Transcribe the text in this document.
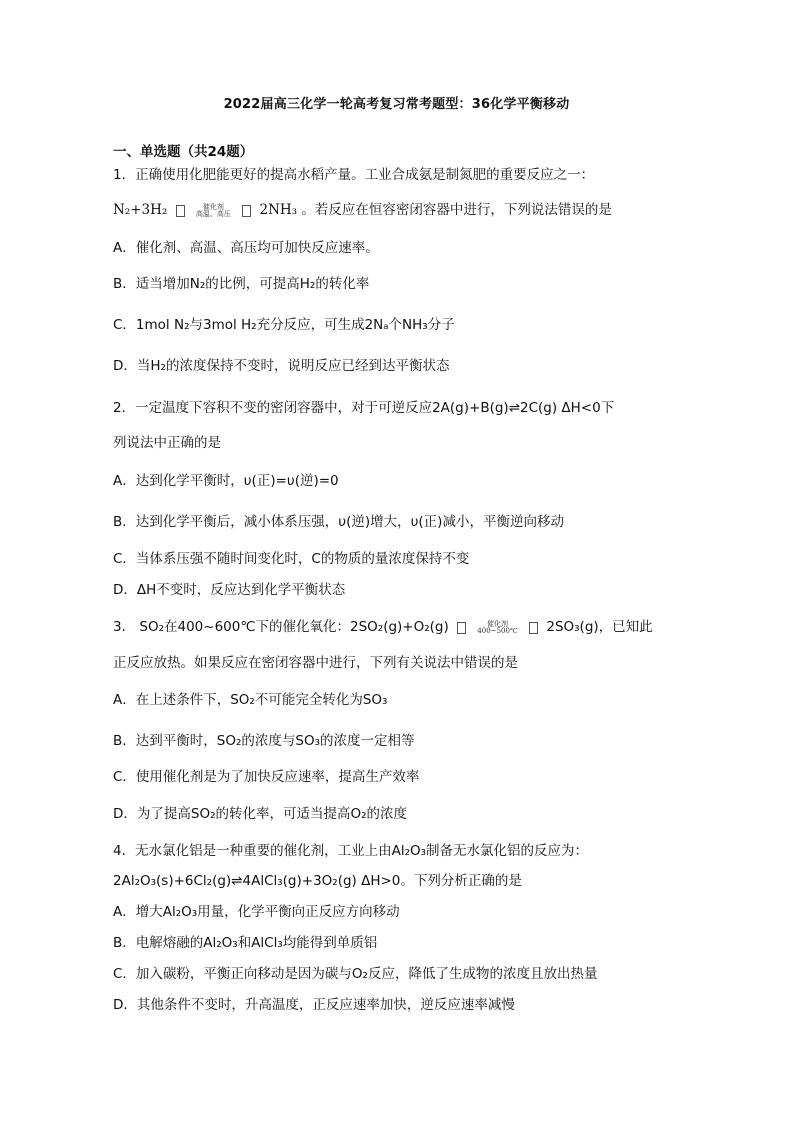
2022届高三化学一轮高考复习常考题型：36化学平衡移动
一、单选题（共24题）
1．正确使用化肥能更好的提高水稻产量。工业合成氨是制氮肥的重要反应之一：
N₂+3H₂	催化剂
高温、高压 2NH₃ 。若反应在恒容密闭容器中进行，下列说法错误的是
A．催化剂、高温、高压均可加快反应速率。
B．适当增加N₂的比例，可提高H₂的转化率
C．1mol N₂与3mol H₂充分反应，可生成2Nₐ个NH₃分子
D．当H₂的浓度保持不变时，说明反应已经到达平衡状态
2．一定温度下容积不变的密闭容器中，对于可逆反应2A(g)+B(g)⇌2C(g) ΔH<0下
列说法中正确的是
A．达到化学平衡时，υ(正)=υ(逆)=0
B．达到化学平衡后，减小体系压强，υ(逆)增大，υ(正)减小，平衡逆向移动
C．当体系压强不随时间变化时，C的物质的量浓度保持不变
D．ΔH不变时，反应达到化学平衡状态
3． SO₂在400~600℃下的催化氧化：2SO₂(g)+O₂(g)	催化剂
400~500℃ 2SO₃(g)，已知此
正反应放热。如果反应在密闭容器中进行，下列有关说法中错误的是
A．在上述条件下，SO₂不可能完全转化为SO₃
B．达到平衡时，SO₂的浓度与SO₃的浓度一定相等
C．使用催化剂是为了加快反应速率，提高生产效率
D．为了提高SO₂的转化率，可适当提高O₂的浓度
4．无水氯化铝是一种重要的催化剂，工业上由Al₂O₃制备无水氯化铝的反应为：
2Al₂O₃(s)+6Cl₂(g)⇌4AlCl₃(g)+3O₂(g) ΔH>0。下列分析正确的是
A．增大Al₂O₃用量，化学平衡向正反应方向移动
B．电解熔融的Al₂O₃和AlCl₃均能得到单质铝
C．加入碳粉，平衡正向移动是因为碳与O₂反应，降低了生成物的浓度且放出热量
D．其他条件不变时，升高温度，正反应速率加快，逆反应速率减慢
